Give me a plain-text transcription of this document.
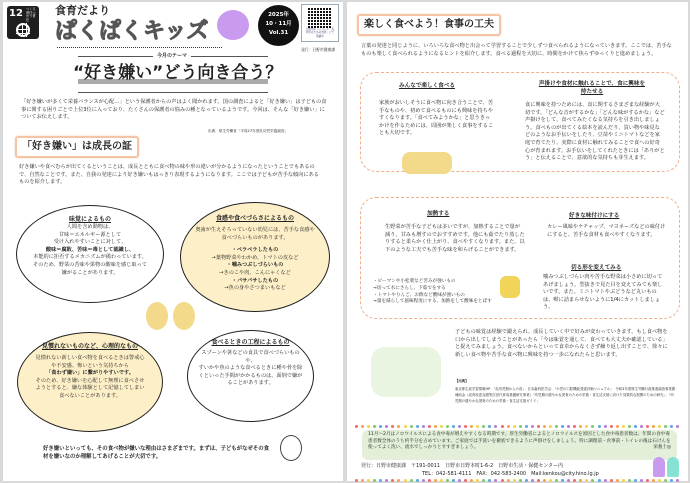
12 つくる責任つかう責任
食育だより
ぱくぱくキッズ
2025年
10・11月
Vol.31
日野市ホームページ「乳幼児のための食育」にて掲載中
発行：日野市健康課
今月のテーマ
“好き嫌い”どう向き合う？
「好き嫌いが多くて栄養バランスが心配…」という保護者からの声はよく聞かれます。国の調査によると「好き嫌い」は子どもの食事に関する困りごとで上位3位に入っており、たくさんの保護者の悩みの種となっているようです。今回は、そんな「好き嫌い」についてお伝えします。
出典：厚生労働省「平成27年度乳幼児栄養調査」
「好き嫌い」は成長の証
好き嫌いや食べむらが出てくるということは、成長とともに食べ物の味や形の違いが分かるようになったということでもあるので、自然なことです。また、自我の発達により好き嫌いもはっきり表現するようになります。ここでは子どもが苦手な傾向にあるものを紹介します。
味覚によるもの
人間を含め動物は、
甘味＝エネルギー源として
受け入れやすいことに対して、
酸味＝腐敗、苦味＝毒として認識し、
本能的に拒否するメカニズムが備わっています。そのため、野菜の苦味や果物の酸味を感じ取って嫌がることがあります。
食感や食べづらさによるもの
奥歯が生えそろっていない幼児には、苦手な食感や食べづらいものがあります。
・ペラペラしたもの
→葉物野菜やわかめ、トマトの皮など
・噛みつぶしづらいもの
→きのこや肉、こんにゃくなど
・パサパサしたもの
→魚の身やさつまいもなど
見慣れないものなど、心理的なもの
見慣れない新しい食べ物を食べるときは警戒心や不安感、怖いという気持ちから
「食わず嫌い」に繋がりやすいです。
そのため、好き嫌いを心配して無理に食べさせようとすると、嫌な体験として記憶してしまい食べないことがあります。
食べるときの工程によるもの
スプーンや箸などの食具で食べづらいものや、
すいかや魚のような食べるときに種や骨を除くといった手間がかかるものは、面倒で嫌がることがあります。
好き嫌いといっても、その食べ物が嫌いな理由はさまざまです。まずは、子どもがなぜその食材を嫌いなのか理解してあげることが大切です。
楽しく食べよう！食事の工夫
言葉の発達と同じように、いろいろな食べ物と出会って学習することで少しずつ食べられるようになっていきます。ここでは、苦手なものも楽しく食べられるようになるヒントを紹介します。食べる過程を大切に、時間をかけて焦らずゆっくりと進めましょう。
みんなで楽しく食べる
家族がおいしそうに食べ物に向き合うことで、苦手なものや、初めて食べるものにも興味を持ちやすくなります。「食べてみようかな」と思うきっかけを作るためには、周囲が楽しく食事をすることも大切です。
声掛けや食材に触れることで、食に興味を持たせる
食に興味を持つためには、食に関するさまざまな経験が大切です。「どんな音がするかな」「どんな味がするかな」など声掛けをして、食べてみたくなる気持ちを引き出しましょう。食べものが出てくる絵本を読んだり、買い物や味見などのようなお手伝いをしたり、豆苗やミニトマトなどを家庭で育てたり、実際に食材に触れてみることで食への好奇心が育まれます。お手伝いをしてくれたときには「ありがとう」と伝えることで、意欲的な気持ちも芽生えます。
加熱する
生野菜が苦手な子どもは多いですが、加熱することで量が減り、甘みも増すのでおすすめです。他にも茹でたり蒸したりすると柔らかく仕上がり、食べやすくなります。また、以下のような工夫でも苦手な味を和らげることができます。
・ピーマンや小松菜など苦みが強いもの
→切って水にさらし、下茹でをする
・トマトやりんご、お酢など酸味が強いもの
→量を減らして風味程度にする、加熱をして酸味をとばす
好きな味付けにする
カレー風味やケチャップ、マヨネーズなどの味付けにすると、苦手な食材も食べやすくなります。
切る形を変えてみる
噛みつぶしづらい肉や苦手な野菜は小さめに切ってあげましょう。型抜きで見た目を変えてみても楽しいです。また、ミニトマトやぶどうなど丸いものは、喉に詰まらせないように1/4にカットしましょう。
子どもの味覚は経験で鍛えられ、成長していく中で好みが変わっていきます。もし食べ物を口から出してしまうことがあったら「今は味覚を通して、食べても大丈夫か確認している」と捉えてみましょう。食べないからといって食卓からなくさず繰り返し出すことで、徐々に新しい食べ物や苦手な食べ物に興味を持つ一歩になれたらと思います。
【出典】
東京都生涯学習情報HP：「乳幼児期からの食」　日本歯科医学会：「小児の口腔機能発達評価マニュアル」　令和3年度厚生労働行政推進調査事業費補助金（成育疾患克服等次世代育成基盤研究事業）「幼児期の健やかな発育のための栄養・食生活支援に向けた効果的な展開のための研究」：「幼児期の健やかな発育のための栄養・食生活支援ガイド」
11月～2月はノロウイルスによる食中毒が増えやすくなる時期です。厚生労働省によるとノロウイルスを原因とした食中毒患者数は、年間の食中毒患者数全体のうち約半分を占めています。ご家庭では手洗いを徹底できるように声掛けをしましょう。特に調理前・食事前・トイレの後は石けんを使ってよく洗い、流水でしっかりとすすぎましょう。	栄養士◎
発行：日野市健康課　〒191-0011　日野市日野本町1-6-2　日野市生活・保健センター内
TEL：042-581-4111　FAX：042-583-2400　Mail:kenkou@city.hino.lg.jp
